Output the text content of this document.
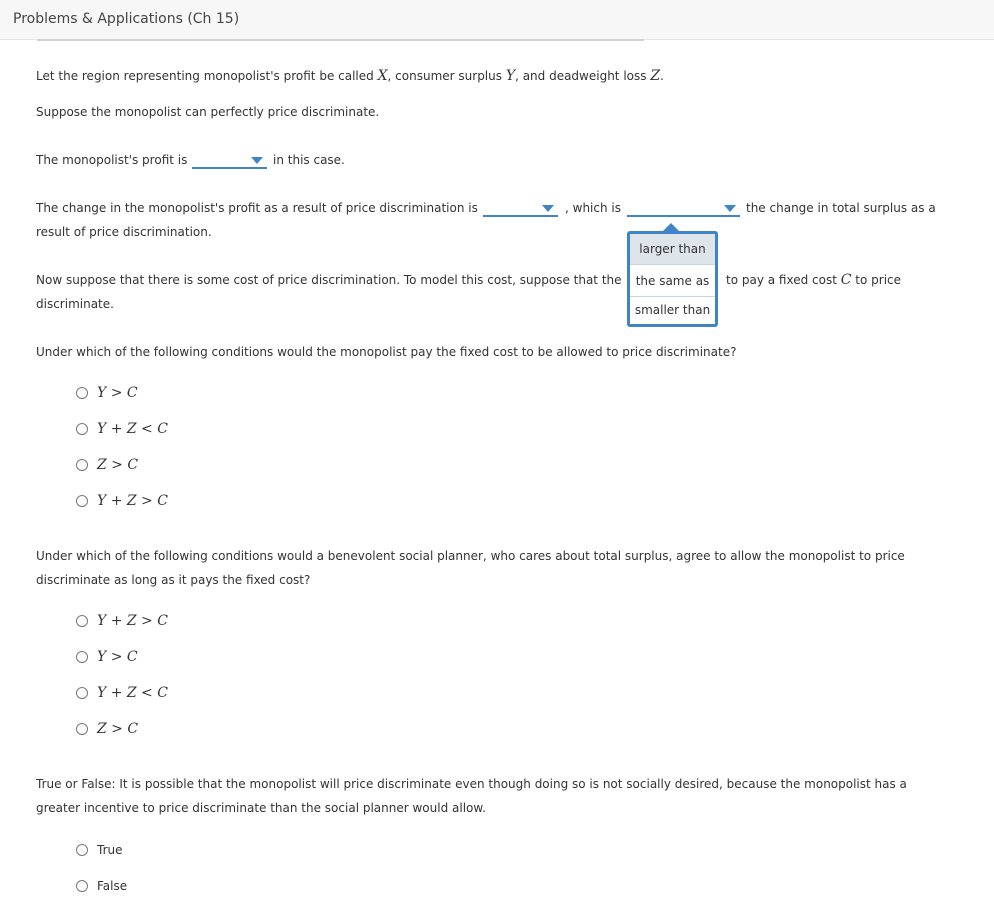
Problems & Applications (Ch 15)
Let the region representing monopolist's profit be called X, consumer surplus Y, and deadweight loss Z.
Suppose the monopolist can perfectly price discriminate.
The monopolist's profit is	in this case.
The change in the monopolist's profit as a result of price discrimination is	, which is	the change in total surplus as a
result of price discrimination.
Now suppose that there is some cost of price discrimination. To model this cost, suppose that the	to pay a fixed cost C to price
discriminate.
larger than
the same as
smaller than
Under which of the following conditions would the monopolist pay the fixed cost to be allowed to price discriminate?
Y > C
Y + Z < C
Z > C
Y + Z > C
Under which of the following conditions would a benevolent social planner, who cares about total surplus, agree to allow the monopolist to price
discriminate as long as it pays the fixed cost?
Y + Z > C
Y > C
Y + Z < C
Z > C
True or False: It is possible that the monopolist will price discriminate even though doing so is not socially desired, because the monopolist has a
greater incentive to price discriminate than the social planner would allow.
True
False
